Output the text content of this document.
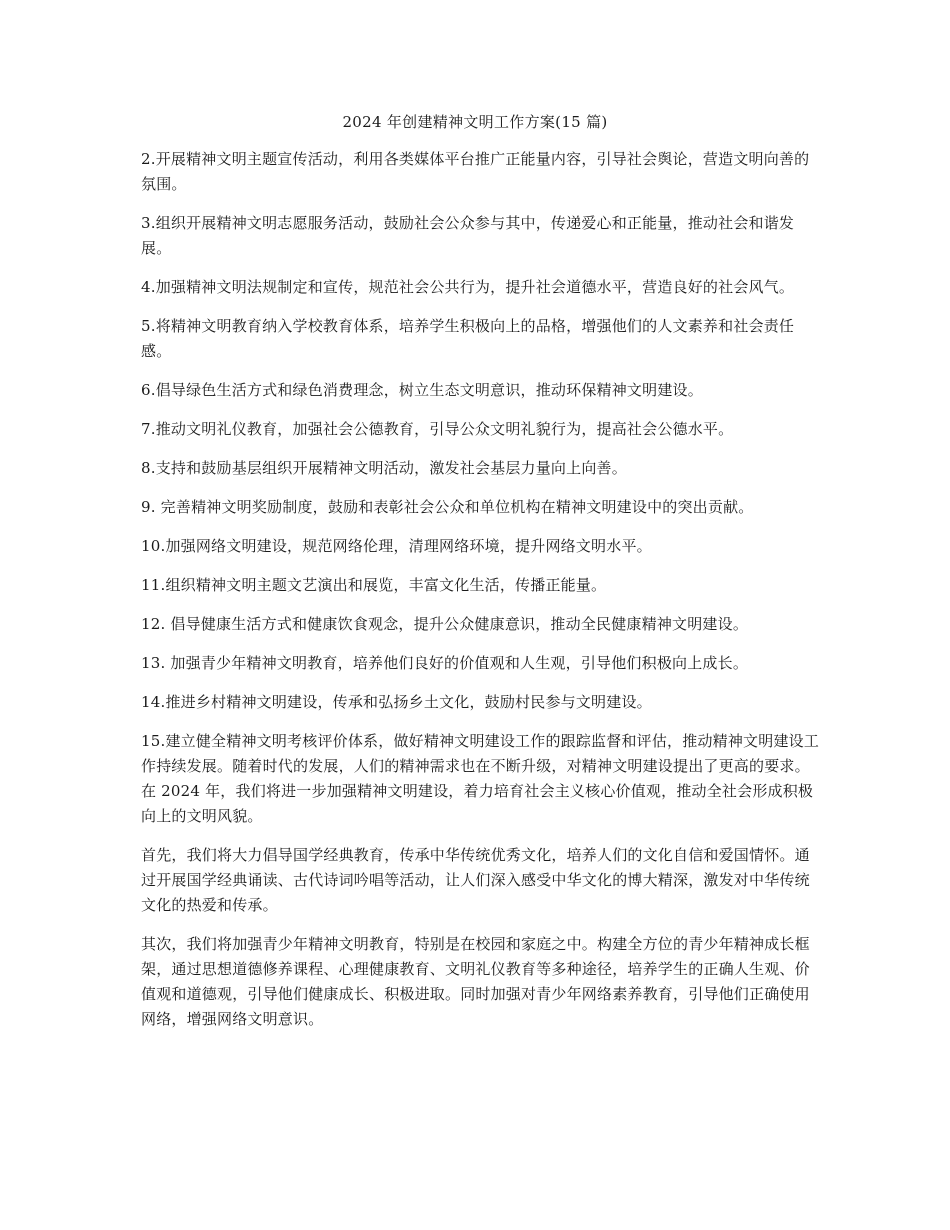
2024 年创建精神文明工作方案(15 篇)

2.开展精神文明主题宣传活动，利用各类媒体平台推广正能量内容，引导社会舆论，营造文明向善的氛围。

3.组织开展精神文明志愿服务活动，鼓励社会公众参与其中，传递爱心和正能量，推动社会和谐发展。

4.加强精神文明法规制定和宣传，规范社会公共行为，提升社会道德水平，营造良好的社会风气。

5.将精神文明教育纳入学校教育体系，培养学生积极向上的品格，增强他们的人文素养和社会责任感。

6.倡导绿色生活方式和绿色消费理念，树立生态文明意识，推动环保精神文明建设。

7.推动文明礼仪教育，加强社会公德教育，引导公众文明礼貌行为，提高社会公德水平。

8.支持和鼓励基层组织开展精神文明活动，激发社会基层力量向上向善。

9. 完善精神文明奖励制度，鼓励和表彰社会公众和单位机构在精神文明建设中的突出贡献。

10.加强网络文明建设，规范网络伦理，清理网络环境，提升网络文明水平。

11.组织精神文明主题文艺演出和展览，丰富文化生活，传播正能量。

12. 倡导健康生活方式和健康饮食观念，提升公众健康意识，推动全民健康精神文明建设。

13. 加强青少年精神文明教育，培养他们良好的价值观和人生观，引导他们积极向上成长。

14.推进乡村精神文明建设，传承和弘扬乡土文化，鼓励村民参与文明建设。

15.建立健全精神文明考核评价体系，做好精神文明建设工作的跟踪监督和评估，推动精神文明建设工作持续发展。随着时代的发展，人们的精神需求也在不断升级，对精神文明建设提出了更高的要求。在 2024 年，我们将进一步加强精神文明建设，着力培育社会主义核心价值观，推动全社会形成积极向上的文明风貌。

首先，我们将大力倡导国学经典教育，传承中华传统优秀文化，培养人们的文化自信和爱国情怀。通过开展国学经典诵读、古代诗词吟唱等活动，让人们深入感受中华文化的博大精深，激发对中华传统文化的热爱和传承。

其次，我们将加强青少年精神文明教育，特别是在校园和家庭之中。构建全方位的青少年精神成长框架，通过思想道德修养课程、心理健康教育、文明礼仪教育等多种途径，培养学生的正确人生观、价值观和道德观，引导他们健康成长、积极进取。同时加强对青少年网络素养教育，引导他们正确使用网络，增强网络文明意识。
